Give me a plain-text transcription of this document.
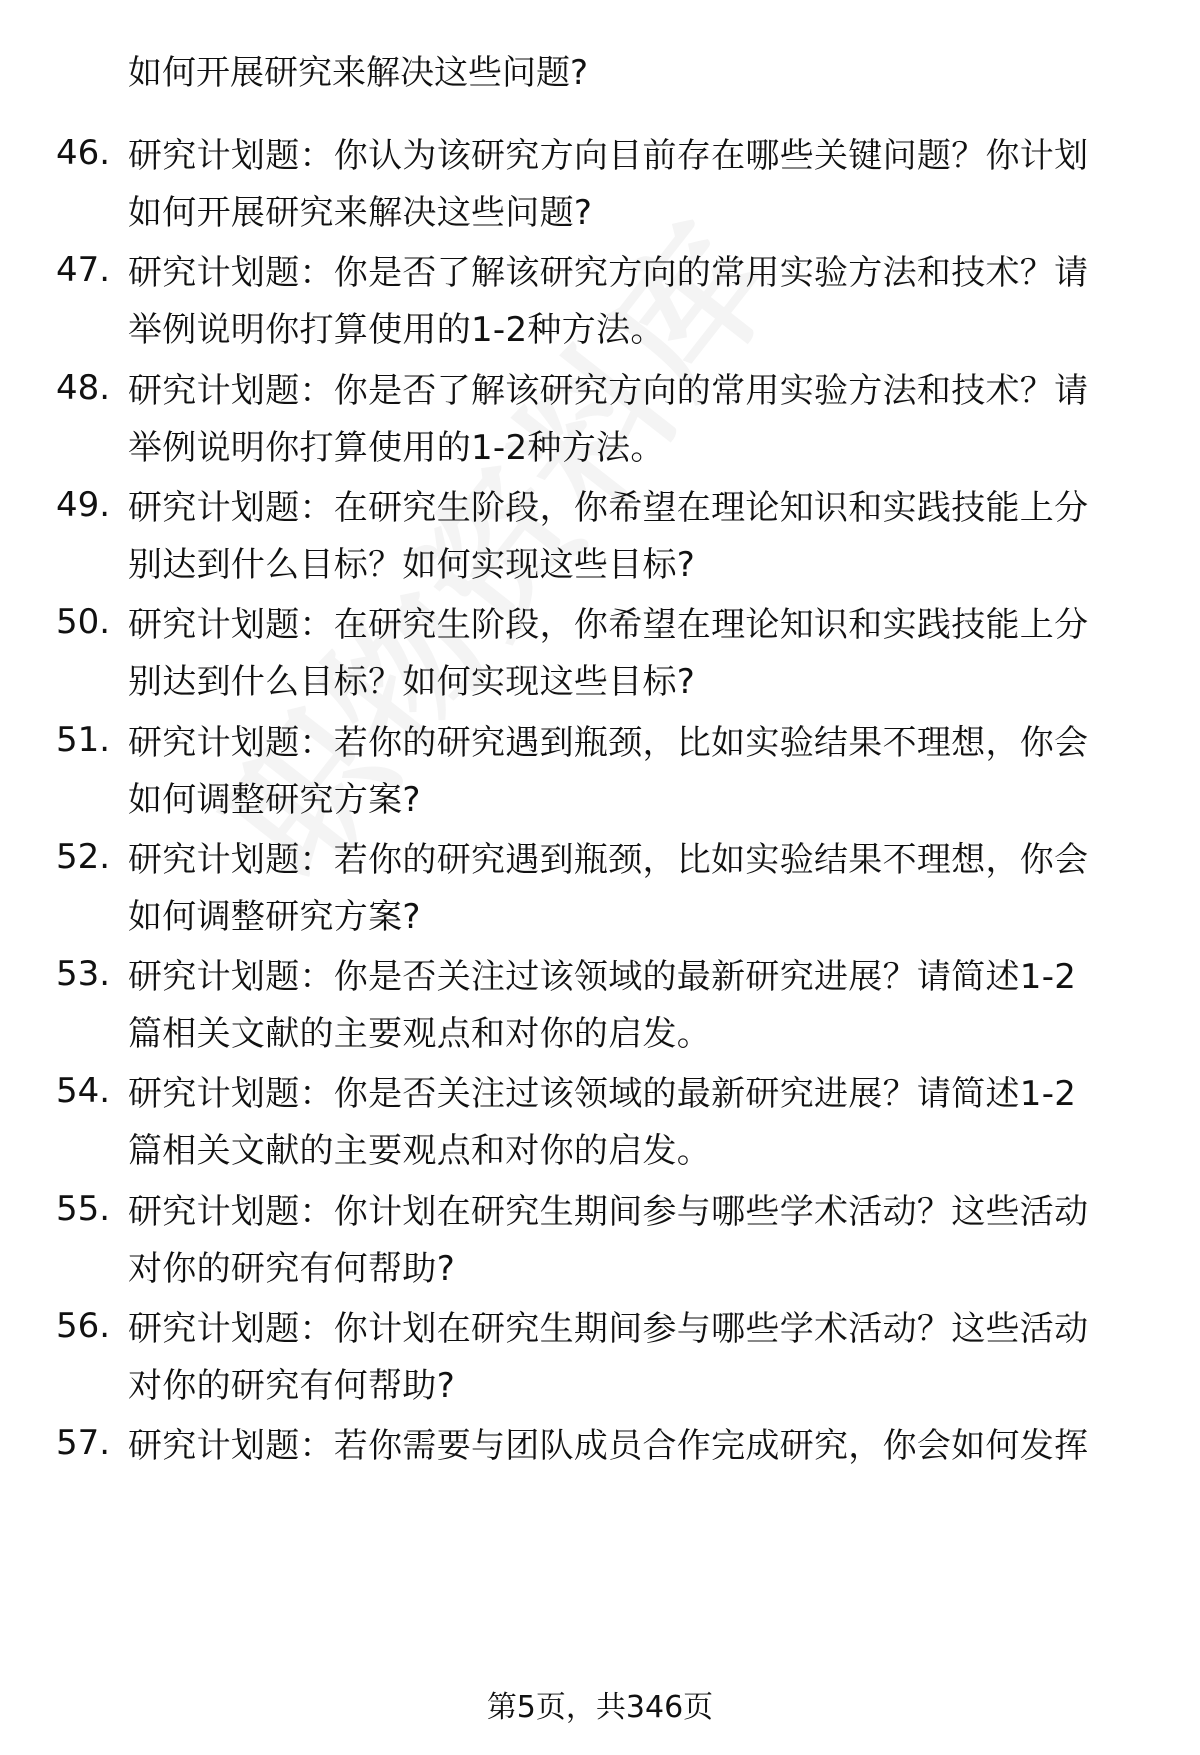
如何开展研究来解决这些问题?
46. 研究计划题：你认为该研究方向目前存在哪些关键问题？你计划
如何开展研究来解决这些问题?
47. 研究计划题：你是否了解该研究方向的常用实验方法和技术？请
举例说明你打算使用的1-2种方法。
48. 研究计划题：你是否了解该研究方向的常用实验方法和技术？请
举例说明你打算使用的1-2种方法。
49. 研究计划题：在研究生阶段，你希望在理论知识和实践技能上分
别达到什么目标？如何实现这些目标?
50. 研究计划题：在研究生阶段，你希望在理论知识和实践技能上分
别达到什么目标？如何实现这些目标?
51. 研究计划题：若你的研究遇到瓶颈，比如实验结果不理想，你会
如何调整研究方案?
52. 研究计划题：若你的研究遇到瓶颈，比如实验结果不理想，你会
如何调整研究方案?
53. 研究计划题：你是否关注过该领域的最新研究进展？请简述1-2
篇相关文献的主要观点和对你的启发。
54. 研究计划题：你是否关注过该领域的最新研究进展？请简述1-2
篇相关文献的主要观点和对你的启发。
55. 研究计划题：你计划在研究生期间参与哪些学术活动？这些活动
对你的研究有何帮助?
56. 研究计划题：你计划在研究生期间参与哪些学术活动？这些活动
对你的研究有何帮助?
57. 研究计划题：若你需要与团队成员合作完成研究，你会如何发挥
第5页，共346页
